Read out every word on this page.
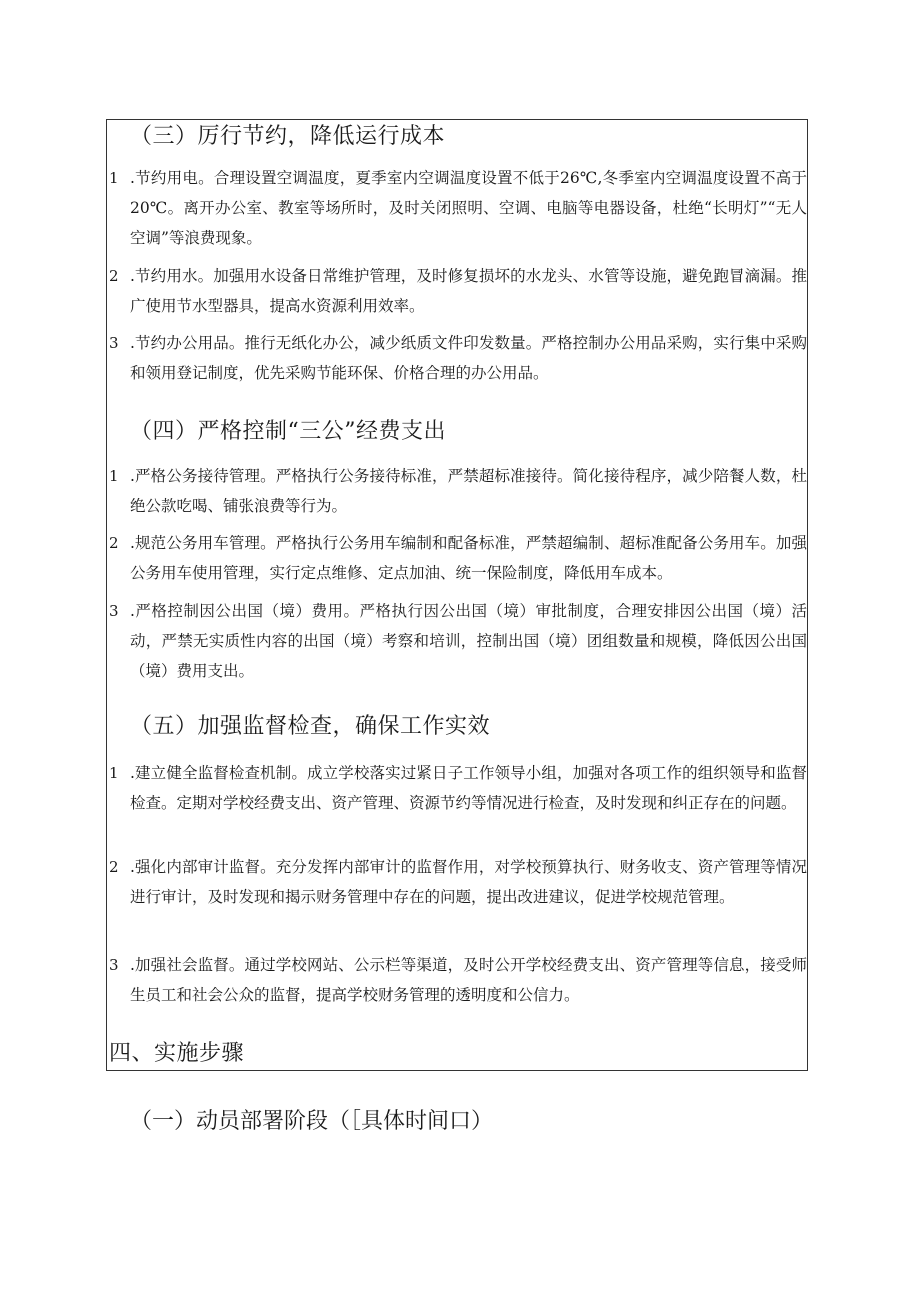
（三）厉行节约，降低运行成本
1 .节约用电。合理设置空调温度，夏季室内空调温度设置不低于26℃,冬季室内空调温度设置不高于20℃。离开办公室、教室等场所时，及时关闭照明、空调、电脑等电器设备，杜绝“长明灯”“无人空调”等浪费现象。
2 .节约用水。加强用水设备日常维护管理，及时修复损坏的水龙头、水管等设施，避免跑冒滴漏。推广使用节水型器具，提高水资源利用效率。
3 .节约办公用品。推行无纸化办公，减少纸质文件印发数量。严格控制办公用品采购，实行集中采购和领用登记制度，优先采购节能环保、价格合理的办公用品。
（四）严格控制“三公”经费支出
1 .严格公务接待管理。严格执行公务接待标准，严禁超标准接待。简化接待程序，减少陪餐人数，杜绝公款吃喝、铺张浪费等行为。
2 .规范公务用车管理。严格执行公务用车编制和配备标准，严禁超编制、超标准配备公务用车。加强公务用车使用管理，实行定点维修、定点加油、统一保险制度，降低用车成本。
3 .严格控制因公出国（境）费用。严格执行因公出国（境）审批制度，合理安排因公出国（境）活动，严禁无实质性内容的出国（境）考察和培训，控制出国（境）团组数量和规模，降低因公出国（境）费用支出。
（五）加强监督检查，确保工作实效
1 .建立健全监督检查机制。成立学校落实过紧日子工作领导小组，加强对各项工作的组织领导和监督检查。定期对学校经费支出、资产管理、资源节约等情况进行检查，及时发现和纠正存在的问题。
2 .强化内部审计监督。充分发挥内部审计的监督作用，对学校预算执行、财务收支、资产管理等情况进行审计，及时发现和揭示财务管理中存在的问题，提出改进建议，促进学校规范管理。
3 .加强社会监督。通过学校网站、公示栏等渠道，及时公开学校经费支出、资产管理等信息，接受师生员工和社会公众的监督，提高学校财务管理的透明度和公信力。
四、实施步骤
（一）动员部署阶段（［具体时间口）
